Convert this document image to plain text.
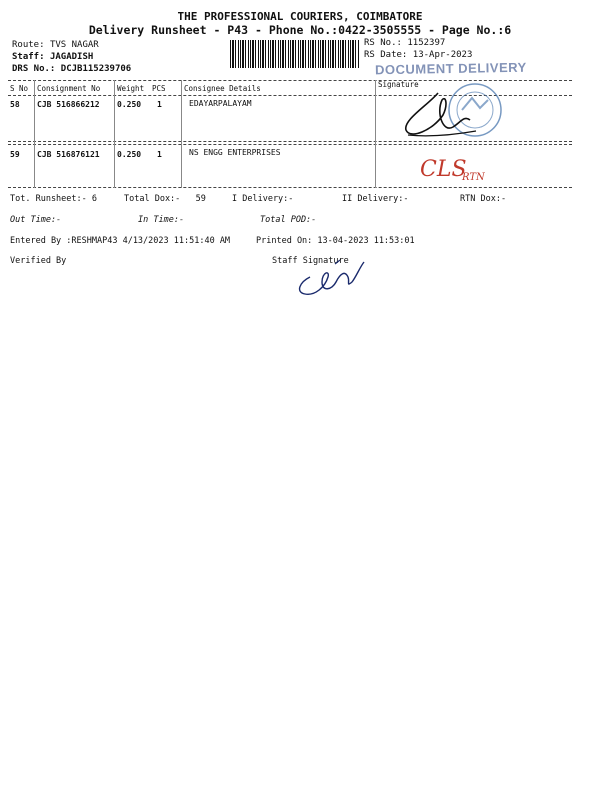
THE PROFESSIONAL COURIERS, COIMBATORE
Delivery Runsheet - P43 - Phone No.:0422-3505555 - Page No.:6
Route: TVS NAGAR
Staff: JAGADISH
DRS No.: DCJB115239706
RS No.: 1152397
RS Date: 13-Apr-2023
DOCUMENT DELIVERY
S No Consignment No Weight PCS Consignee Details	Signature
58 CJB 516866212 0.250 1	EDAYARPALAYAM
59 CJB 516876121 0.250 1	NS ENGG ENTERPRISES
CLS
RTN
Tot. Runsheet:- 6	Total Dox:- 59	I Delivery:-	II Delivery:-	RTN Dox:-
Out Time:-	In Time:-	Total POD:-
Entered By :RESHMAP43 4/13/2023 11:51:40 AM	Printed On: 13-04-2023 11:53:01
Verified By	Staff Signature
